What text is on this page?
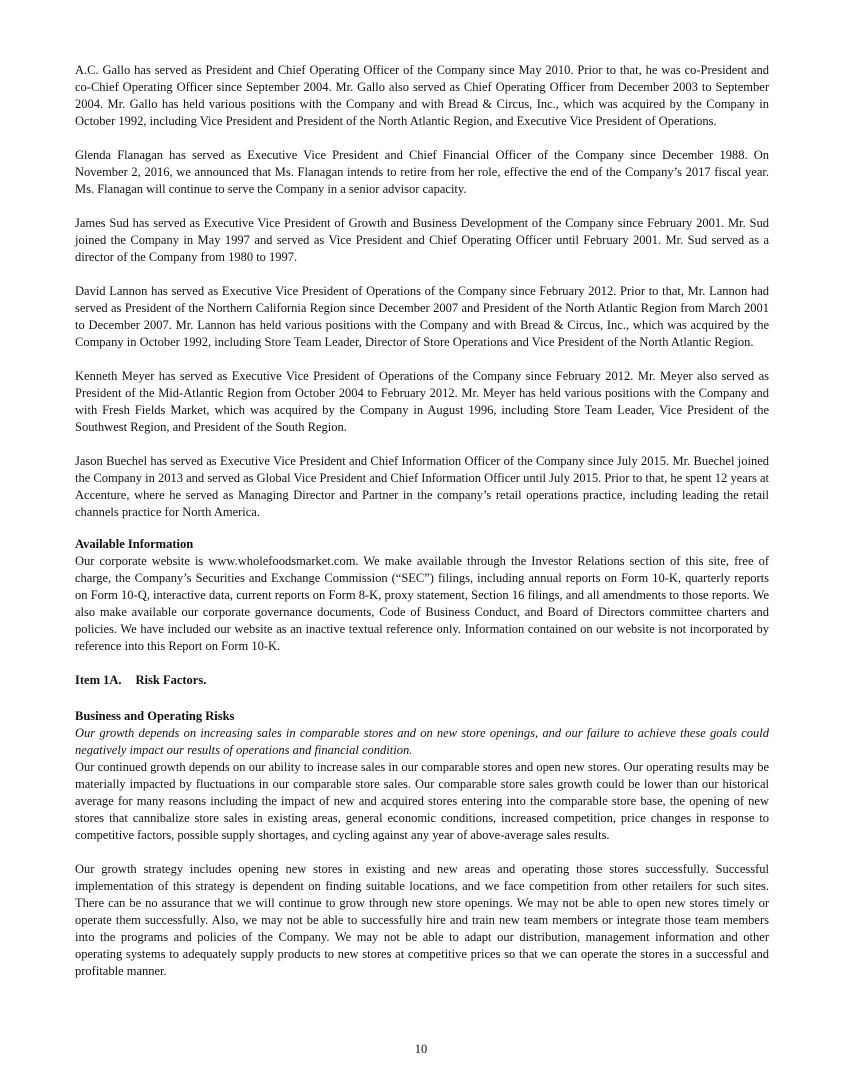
A.C. Gallo has served as President and Chief Operating Officer of the Company since May 2010. Prior to that, he was co-President and co-Chief Operating Officer since September 2004. Mr. Gallo also served as Chief Operating Officer from December 2003 to September 2004. Mr. Gallo has held various positions with the Company and with Bread & Circus, Inc., which was acquired by the Company in October 1992, including Vice President and President of the North Atlantic Region, and Executive Vice President of Operations.

Glenda Flanagan has served as Executive Vice President and Chief Financial Officer of the Company since December 1988. On November 2, 2016, we announced that Ms. Flanagan intends to retire from her role, effective the end of the Company’s 2017 fiscal year. Ms. Flanagan will continue to serve the Company in a senior advisor capacity.

James Sud has served as Executive Vice President of Growth and Business Development of the Company since February 2001. Mr. Sud joined the Company in May 1997 and served as Vice President and Chief Operating Officer until February 2001. Mr. Sud served as a director of the Company from 1980 to 1997.

David Lannon has served as Executive Vice President of Operations of the Company since February 2012. Prior to that, Mr. Lannon had served as President of the Northern California Region since December 2007 and President of the North Atlantic Region from March 2001 to December 2007. Mr. Lannon has held various positions with the Company and with Bread & Circus, Inc., which was acquired by the Company in October 1992, including Store Team Leader, Director of Store Operations and Vice President of the North Atlantic Region.

Kenneth Meyer has served as Executive Vice President of Operations of the Company since February 2012. Mr. Meyer also served as President of the Mid-Atlantic Region from October 2004 to February 2012. Mr. Meyer has held various positions with the Company and with Fresh Fields Market, which was acquired by the Company in August 1996, including Store Team Leader, Vice President of the Southwest Region, and President of the South Region.

Jason Buechel has served as Executive Vice President and Chief Information Officer of the Company since July 2015. Mr. Buechel joined the Company in 2013 and served as Global Vice President and Chief Information Officer until July 2015. Prior to that, he spent 12 years at Accenture, where he served as Managing Director and Partner in the company’s retail operations practice, including leading the retail channels practice for North America.

Available Information

Our corporate website is www.wholefoodsmarket.com. We make available through the Investor Relations section of this site, free of charge, the Company’s Securities and Exchange Commission (“SEC”) filings, including annual reports on Form 10-K, quarterly reports on Form 10-Q, interactive data, current reports on Form 8-K, proxy statement, Section 16 filings, and all amendments to those reports. We also make available our corporate governance documents, Code of Business Conduct, and Board of Directors committee charters and policies. We have included our website as an inactive textual reference only. Information contained on our website is not incorporated by reference into this Report on Form 10-K.

Item 1A. Risk Factors.
Business and Operating Risks

Our growth depends on increasing sales in comparable stores and on new store openings, and our failure to achieve these goals could negatively impact our results of operations and financial condition.

Our continued growth depends on our ability to increase sales in our comparable stores and open new stores. Our operating results may be materially impacted by fluctuations in our comparable store sales. Our comparable store sales growth could be lower than our historical average for many reasons including the impact of new and acquired stores entering into the comparable store base, the opening of new stores that cannibalize store sales in existing areas, general economic conditions, increased competition, price changes in response to competitive factors, possible supply shortages, and cycling against any year of above-average sales results.

Our growth strategy includes opening new stores in existing and new areas and operating those stores successfully. Successful implementation of this strategy is dependent on finding suitable locations, and we face competition from other retailers for such sites. There can be no assurance that we will continue to grow through new store openings. We may not be able to open new stores timely or operate them successfully. Also, we may not be able to successfully hire and train new team members or integrate those team members into the programs and policies of the Company. We may not be able to adapt our distribution, management information and other operating systems to adequately supply products to new stores at competitive prices so that we can operate the stores in a successful and profitable manner.

10
